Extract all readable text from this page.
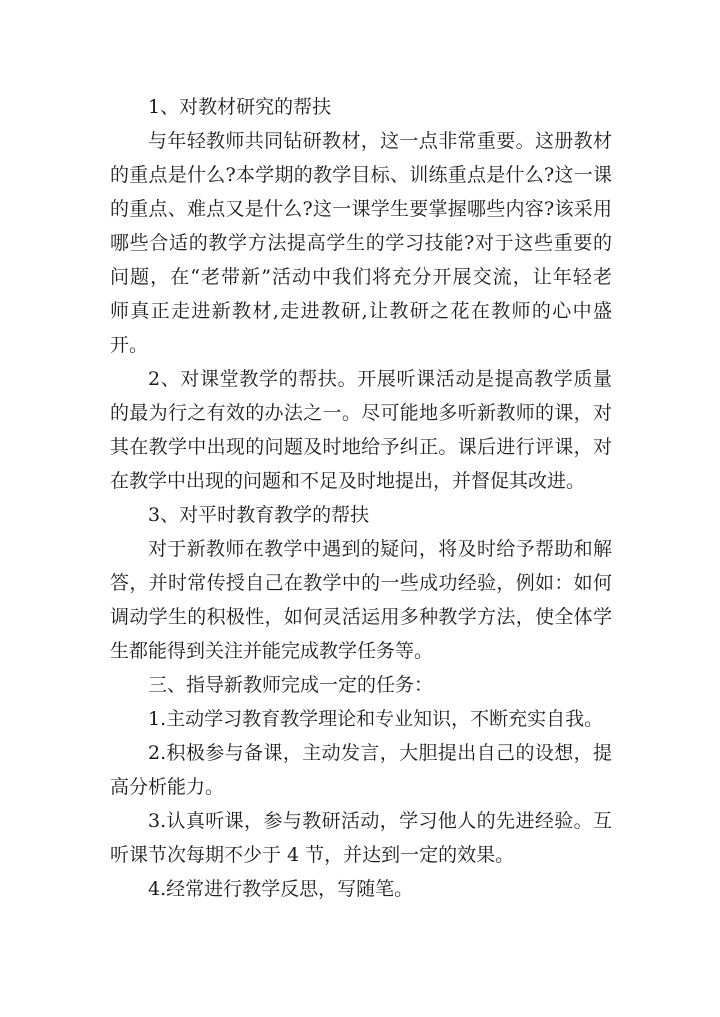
1、对教材研究的帮扶
与年轻教师共同钻研教材，这一点非常重要。这册教材
的重点是什么?本学期的教学目标、训练重点是什么?这一课
的重点、难点又是什么?这一课学生要掌握哪些内容?该采用
哪些合适的教学方法提高学生的学习技能?对于这些重要的
问题，在“老带新”活动中我们将充分开展交流，让年轻老
师真正走进新教材,走进教研,让教研之花在教师的心中盛
开。
2、对课堂教学的帮扶。开展听课活动是提高教学质量
的最为行之有效的办法之一。尽可能地多听新教师的课，对
其在教学中出现的问题及时地给予纠正。课后进行评课，对
在教学中出现的问题和不足及时地提出，并督促其改进。
3、对平时教育教学的帮扶
对于新教师在教学中遇到的疑问，将及时给予帮助和解
答，并时常传授自己在教学中的一些成功经验，例如：如何
调动学生的积极性，如何灵活运用多种教学方法，使全体学
生都能得到关注并能完成教学任务等。
三、指导新教师完成一定的任务：
1.主动学习教育教学理论和专业知识，不断充实自我。
2.积极参与备课，主动发言，大胆提出自己的设想，提
高分析能力。
3.认真听课，参与教研活动，学习他人的先进经验。互
听课节次每期不少于 4 节，并达到一定的效果。
4.经常进行教学反思，写随笔。
